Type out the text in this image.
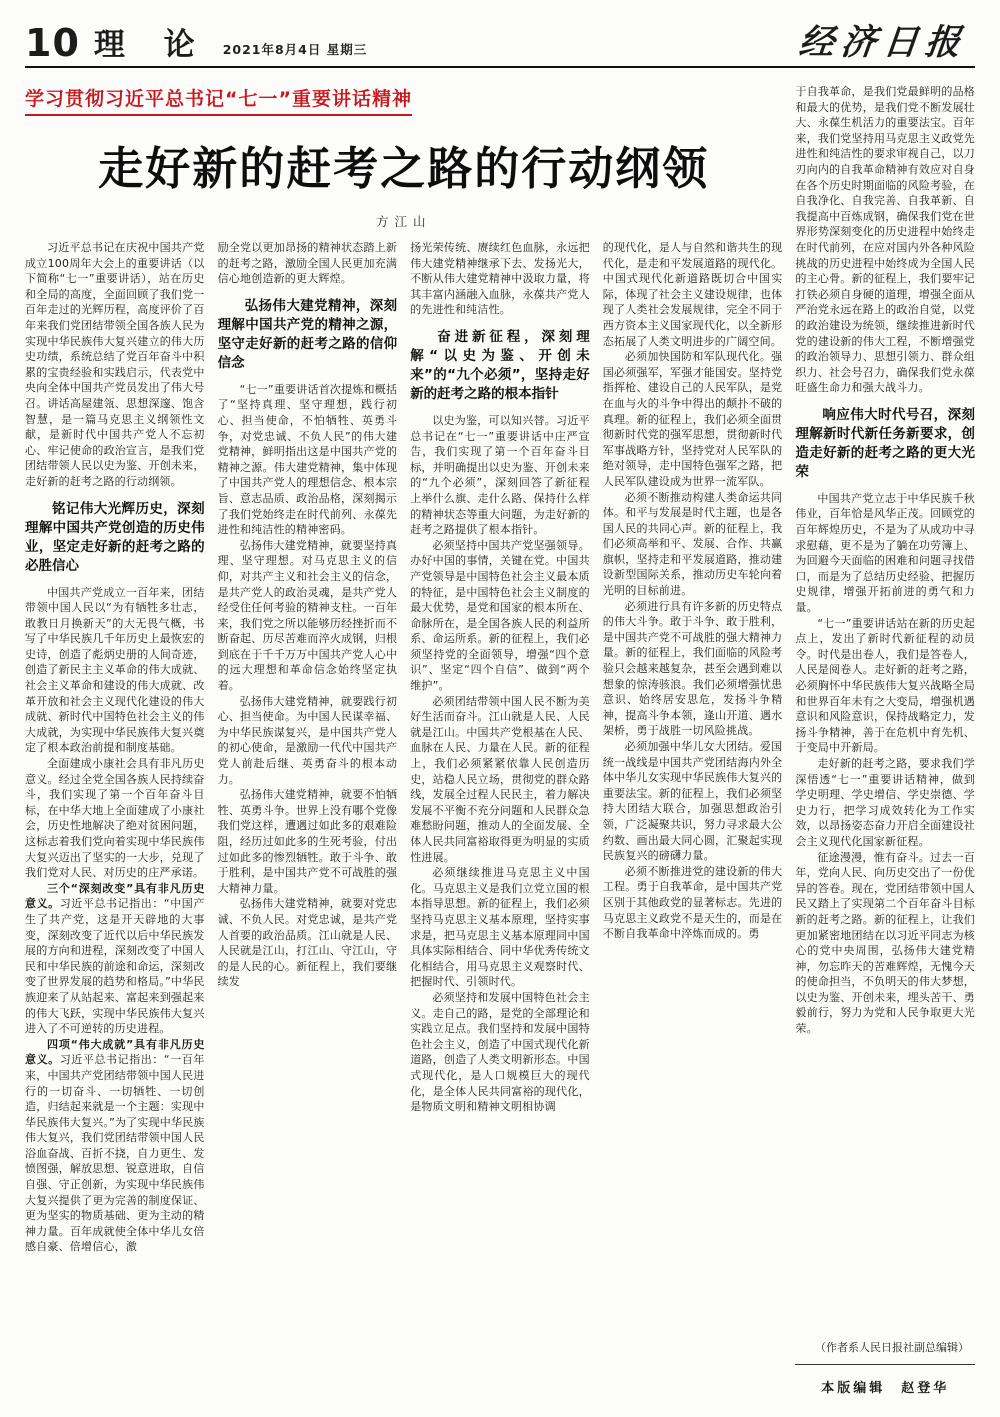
10 理 论 2021年8月4日 星期三	经济日报
学习贯彻习近平总书记“七一”重要讲话精神
走好新的赶考之路的行动纲领
方江山

习近平总书记在庆祝中国共产党成立100周年大会上的重要讲话（以下简称“七一”重要讲话），站在历史和全局的高度，全面回顾了我们党一百年走过的光辉历程，高度评价了百年来我们党团结带领全国各族人民为实现中华民族伟大复兴建立的伟大历史功绩，系统总结了党百年奋斗中积累的宝贵经验和实践启示，代表党中央向全体中国共产党员发出了伟大号召。讲话高屋建瓴、思想深邃、饱含智慧，是一篇马克思主义纲领性文献，是新时代中国共产党人不忘初心、牢记使命的政治宣言，是我们党团结带领人民以史为鉴、开创未来，走好新的赶考之路的行动纲领。

铭记伟大光辉历史，深刻理解中国共产党创造的历史伟业，坚定走好新的赶考之路的必胜信心

中国共产党成立一百年来，团结带领中国人民以“为有牺牲多壮志，敢教日月换新天”的大无畏气概，书写了中华民族几千年历史上最恢宏的史诗，创造了彪炳史册的人间奇迹，创造了新民主主义革命的伟大成就、社会主义革命和建设的伟大成就、改革开放和社会主义现代化建设的伟大成就、新时代中国特色社会主义的伟大成就，为实现中华民族伟大复兴奠定了根本政治前提和制度基础。

全面建成小康社会具有非凡历史意义。经过全党全国各族人民持续奋斗，我们实现了第一个百年奋斗目标，在中华大地上全面建成了小康社会，历史性地解决了绝对贫困问题，这标志着我们党向着实现中华民族伟大复兴迈出了坚实的一大步，兑现了我们党对人民、对历史的庄严承诺。

三个“深刻改变”具有非凡历史意义。习近平总书记指出：“中国产生了共产党，这是开天辟地的大事变，深刻改变了近代以后中华民族发展的方向和进程，深刻改变了中国人民和中华民族的前途和命运，深刻改变了世界发展的趋势和格局。”中华民族迎来了从站起来、富起来到强起来的伟大飞跃，实现中华民族伟大复兴进入了不可逆转的历史进程。

四项“伟大成就”具有非凡历史意义。习近平总书记指出：“一百年来，中国共产党团结带领中国人民进行的一切奋斗、一切牺牲、一切创造，归结起来就是一个主题：实现中华民族伟大复兴。”为了实现中华民族伟大复兴，我们党团结带领中国人民浴血奋战、百折不挠，自力更生、发愤图强，解放思想、锐意进取，自信自强、守正创新，为实现中华民族伟大复兴提供了更为完善的制度保证、更为坚实的物质基础、更为主动的精神力量。百年成就使全体中华儿女倍感自豪、倍增信心，激

励全党以更加昂扬的精神状态踏上新的赶考之路，激励全国人民更加充满信心地创造新的更大辉煌。

弘扬伟大建党精神，深刻理解中国共产党的精神之源，坚守走好新的赶考之路的信仰信念

“七一”重要讲话首次提炼和概括了“坚持真理、坚守理想，践行初心、担当使命，不怕牺牲、英勇斗争，对党忠诚、不负人民”的伟大建党精神，鲜明指出这是中国共产党的精神之源。伟大建党精神，集中体现了中国共产党人的理想信念、根本宗旨、意志品质、政治品格，深刻揭示了我们党始终走在时代前列、永葆先进性和纯洁性的精神密码。

弘扬伟大建党精神，就要坚持真理、坚守理想。对马克思主义的信仰，对共产主义和社会主义的信念，是共产党人的政治灵魂，是共产党人经受住任何考验的精神支柱。一百年来，我们党之所以能够历经挫折而不断奋起、历尽苦难而淬火成钢，归根到底在于千千万万中国共产党人心中的远大理想和革命信念始终坚定执着。

弘扬伟大建党精神，就要践行初心、担当使命。为中国人民谋幸福、为中华民族谋复兴，是中国共产党人的初心使命，是激励一代代中国共产党人前赴后继、英勇奋斗的根本动力。

弘扬伟大建党精神，就要不怕牺牲、英勇斗争。世界上没有哪个党像我们党这样，遭遇过如此多的艰难险阻，经历过如此多的生死考验，付出过如此多的惨烈牺牲。敢于斗争、敢于胜利，是中国共产党不可战胜的强大精神力量。

弘扬伟大建党精神，就要对党忠诚、不负人民。对党忠诚，是共产党人首要的政治品质。江山就是人民、人民就是江山，打江山、守江山，守的是人民的心。新征程上，我们要继续发

扬光荣传统、赓续红色血脉，永远把伟大建党精神继承下去、发扬光大，不断从伟大建党精神中汲取力量，将其丰富内涵融入血脉，永葆共产党人的先进性和纯洁性。

奋进新征程，深刻理解“以史为鉴、开创未来”的“九个必须”，坚持走好新的赶考之路的根本指针

以史为鉴，可以知兴替。习近平总书记在“七一”重要讲话中庄严宣告，我们实现了第一个百年奋斗目标，并明确提出以史为鉴、开创未来的“九个必须”，深刻回答了新征程上举什么旗、走什么路、保持什么样的精神状态等重大问题，为走好新的赶考之路提供了根本指针。

必须坚持中国共产党坚强领导。办好中国的事情，关键在党。中国共产党领导是中国特色社会主义最本质的特征，是中国特色社会主义制度的最大优势，是党和国家的根本所在、命脉所在，是全国各族人民的利益所系、命运所系。新的征程上，我们必须坚持党的全面领导，增强“四个意识”、坚定“四个自信”、做到“两个维护”。

必须团结带领中国人民不断为美好生活而奋斗。江山就是人民、人民就是江山。中国共产党根基在人民、血脉在人民、力量在人民。新的征程上，我们必须紧紧依靠人民创造历史，站稳人民立场，贯彻党的群众路线，发展全过程人民民主，着力解决发展不平衡不充分问题和人民群众急难愁盼问题，推动人的全面发展、全体人民共同富裕取得更为明显的实质性进展。

必须继续推进马克思主义中国化。马克思主义是我们立党立国的根本指导思想。新的征程上，我们必须坚持马克思主义基本原理，坚持实事求是，把马克思主义基本原理同中国具体实际相结合、同中华优秀传统文化相结合，用马克思主义观察时代、把握时代、引领时代。

必须坚持和发展中国特色社会主义。走自己的路，是党的全部理论和实践立足点。我们坚持和发展中国特色社会主义，创造了中国式现代化新道路，创造了人类文明新形态。中国式现代化，是人口规模巨大的现代化，是全体人民共同富裕的现代化，是物质文明和精神文明相协调

的现代化，是人与自然和谐共生的现代化，是走和平发展道路的现代化。中国式现代化新道路既切合中国实际，体现了社会主义建设规律，也体现了人类社会发展规律，完全不同于西方资本主义国家现代化，以全新形态拓展了人类文明进步的广阔空间。

必须加快国防和军队现代化。强国必须强军，军强才能国安。坚持党指挥枪、建设自己的人民军队，是党在血与火的斗争中得出的颠扑不破的真理。新的征程上，我们必须全面贯彻新时代党的强军思想，贯彻新时代军事战略方针，坚持党对人民军队的绝对领导，走中国特色强军之路，把人民军队建设成为世界一流军队。

必须不断推动构建人类命运共同体。和平与发展是时代主题，也是各国人民的共同心声。新的征程上，我们必须高举和平、发展、合作、共赢旗帜，坚持走和平发展道路，推动建设新型国际关系，推动历史车轮向着光明的目标前进。

必须进行具有许多新的历史特点的伟大斗争。敢于斗争、敢于胜利，是中国共产党不可战胜的强大精神力量。新的征程上，我们面临的风险考验只会越来越复杂，甚至会遇到难以想象的惊涛骇浪。我们必须增强忧患意识、始终居安思危，发扬斗争精神，提高斗争本领，逢山开道、遇水架桥，勇于战胜一切风险挑战。

必须加强中华儿女大团结。爱国统一战线是中国共产党团结海内外全体中华儿女实现中华民族伟大复兴的重要法宝。新的征程上，我们必须坚持大团结大联合，加强思想政治引领，广泛凝聚共识，努力寻求最大公约数、画出最大同心圆，汇聚起实现民族复兴的磅礴力量。

必须不断推进党的建设新的伟大工程。勇于自我革命，是中国共产党区别于其他政党的显著标志。先进的马克思主义政党不是天生的，而是在不断自我革命中淬炼而成的。勇

于自我革命，是我们党最鲜明的品格和最大的优势，是我们党不断发展壮大、永葆生机活力的重要法宝。百年来，我们党坚持用马克思主义政党先进性和纯洁性的要求审视自己，以刀刃向内的自我革命精神有效应对自身在各个历史时期面临的风险考验，在自我净化、自我完善、自我革新、自我提高中百炼成钢，确保我们党在世界形势深刻变化的历史进程中始终走在时代前列，在应对国内外各种风险挑战的历史进程中始终成为全国人民的主心骨。新的征程上，我们要牢记打铁必须自身硬的道理，增强全面从严治党永远在路上的政治自觉，以党的政治建设为统领，继续推进新时代党的建设新的伟大工程，不断增强党的政治领导力、思想引领力、群众组织力、社会号召力，确保我们党永葆旺盛生命力和强大战斗力。

响应伟大时代号召，深刻理解新时代新任务新要求，创造走好新的赶考之路的更大光荣

中国共产党立志于中华民族千秋伟业，百年恰是风华正茂。回顾党的百年辉煌历史，不是为了从成功中寻求慰藉，更不是为了躺在功劳簿上、为回避今天面临的困难和问题寻找借口，而是为了总结历史经验、把握历史规律，增强开拓前进的勇气和力量。

“七一”重要讲话站在新的历史起点上，发出了新时代新征程的动员令。时代是出卷人，我们是答卷人，人民是阅卷人。走好新的赶考之路，必须胸怀中华民族伟大复兴战略全局和世界百年未有之大变局，增强机遇意识和风险意识，保持战略定力，发扬斗争精神，善于在危机中育先机、于变局中开新局。

走好新的赶考之路，要求我们学深悟透“七一”重要讲话精神，做到学史明理、学史增信、学史崇德、学史力行，把学习成效转化为工作实效，以昂扬姿态奋力开启全面建设社会主义现代化国家新征程。

征途漫漫，惟有奋斗。过去一百年，党向人民、向历史交出了一份优异的答卷。现在，党团结带领中国人民又踏上了实现第二个百年奋斗目标新的赶考之路。新的征程上，让我们更加紧密地团结在以习近平同志为核心的党中央周围，弘扬伟大建党精神，勿忘昨天的苦难辉煌，无愧今天的使命担当，不负明天的伟大梦想，以史为鉴、开创未来，埋头苦干、勇毅前行，努力为党和人民争取更大光荣。

（作者系人民日报社副总编辑）
本版编辑　赵登华
